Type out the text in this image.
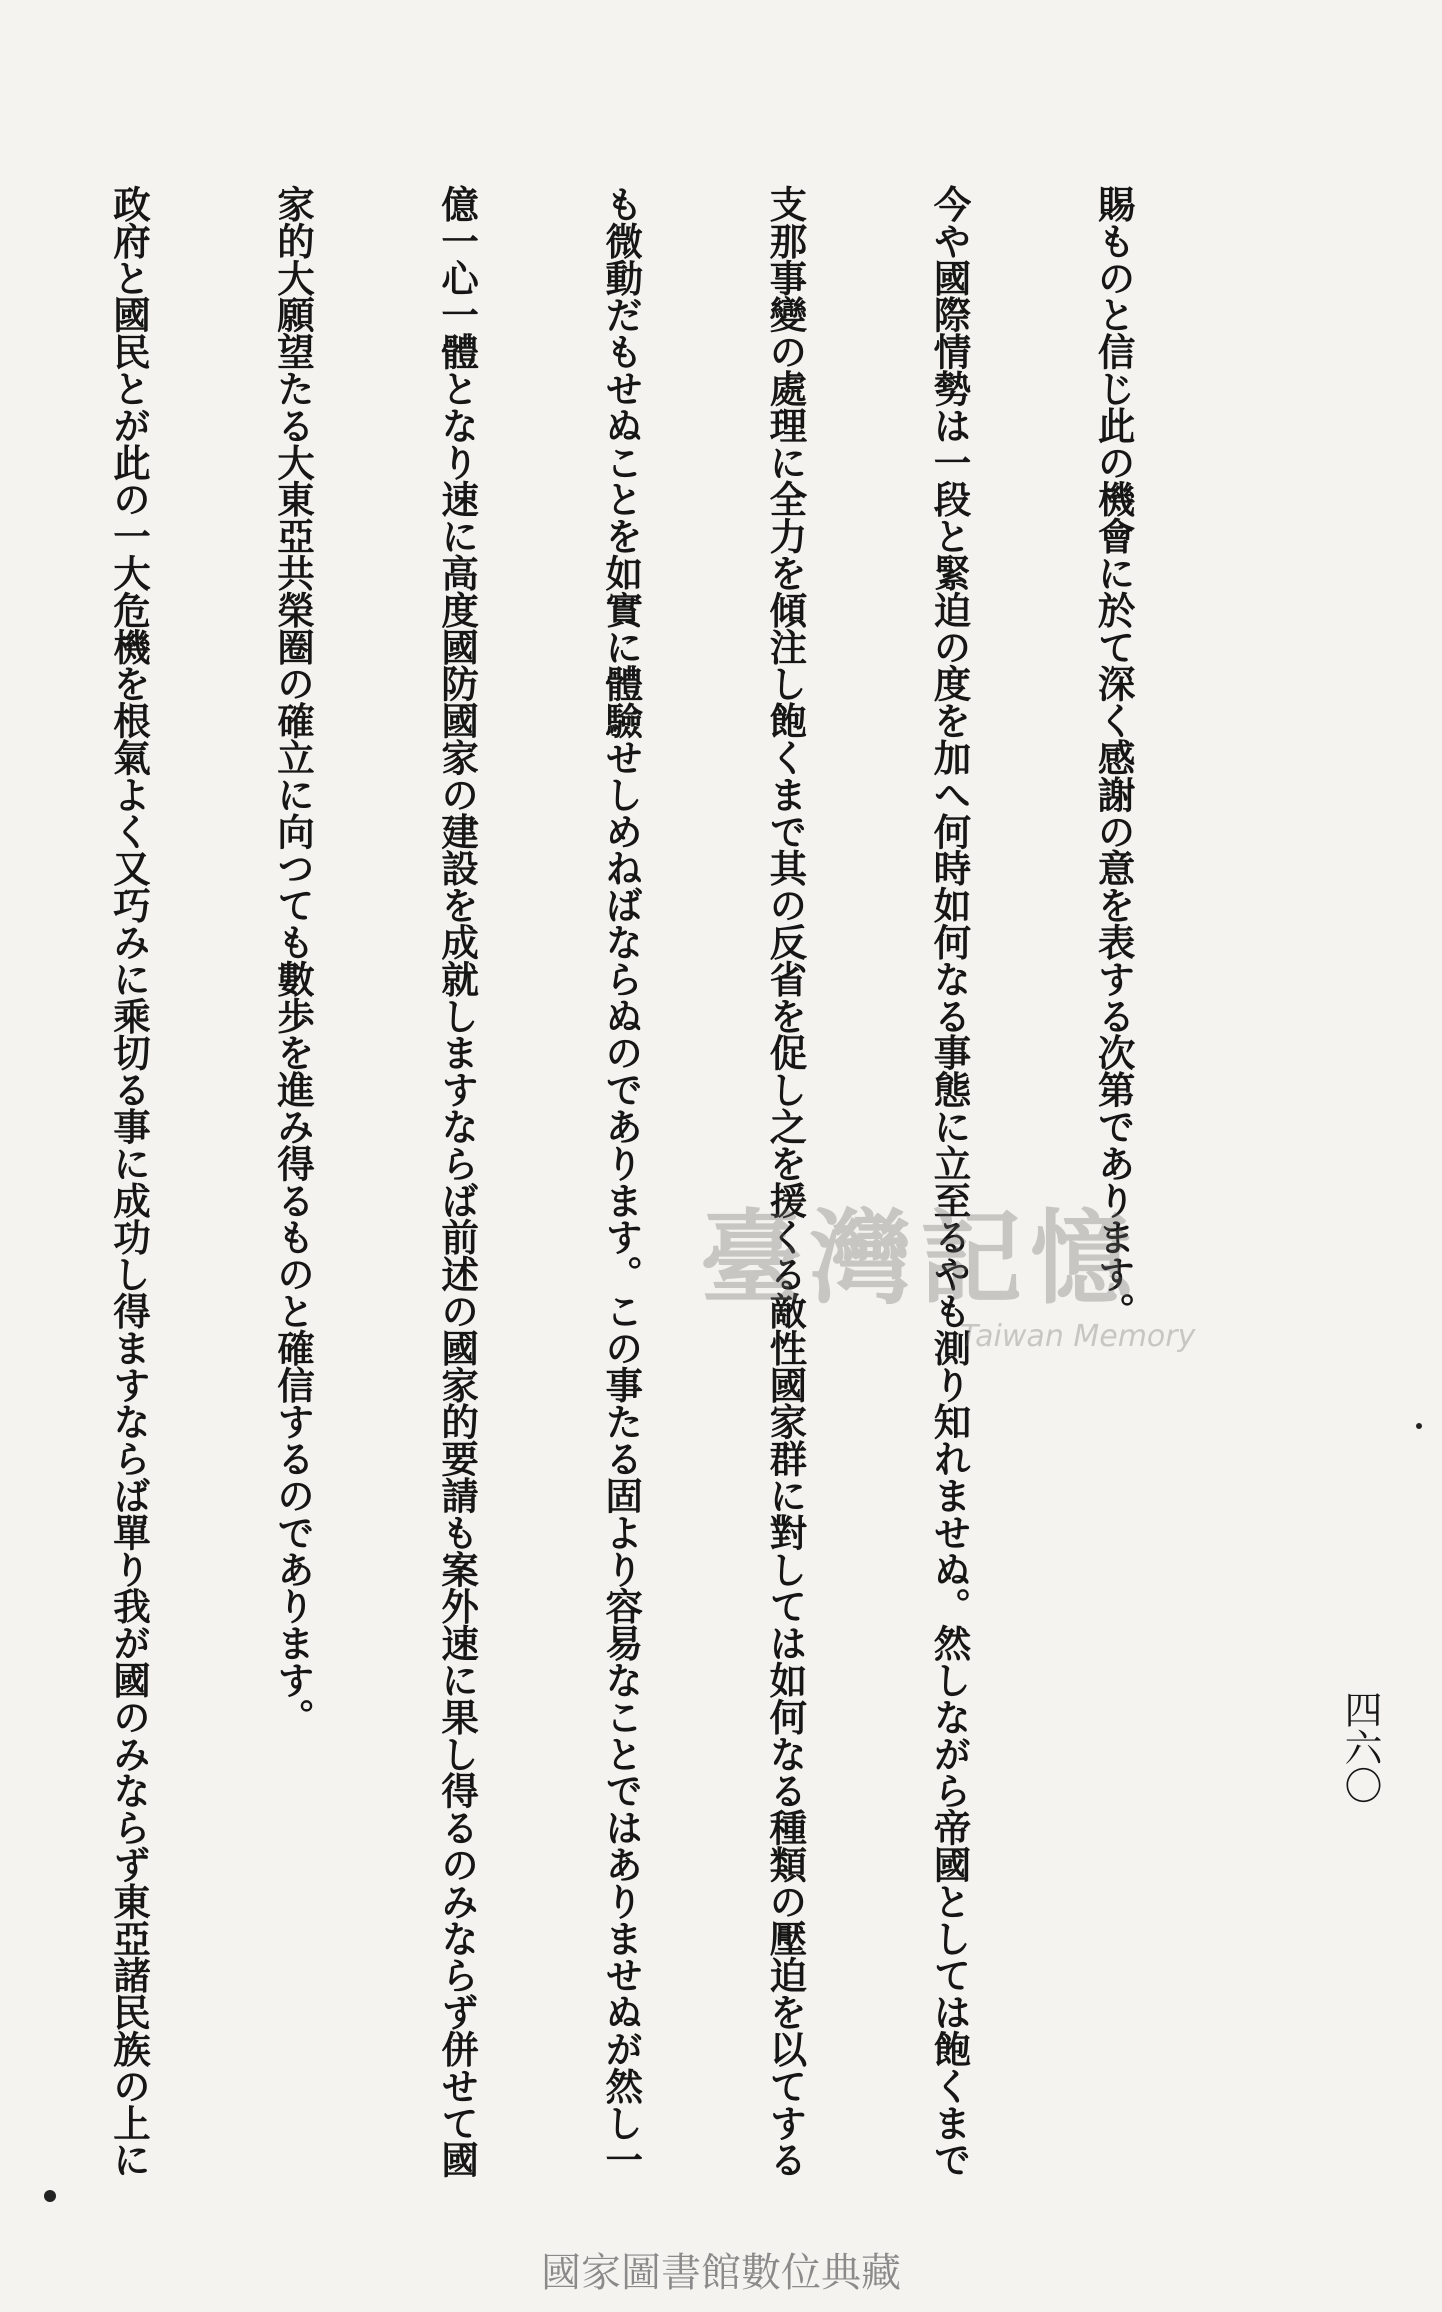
四六〇

賜ものと信じ此の機會に於て深く感謝の意を表する次第であります。

今や國際情勢は一段と緊迫の度を加へ何時如何なる事態に立至るやも測り知れませぬ。然しながら帝國としては飽くまで

支那事變の處理に全力を傾注し飽くまで其の反省を促し之を援くる敵性國家群に對しては如何なる種類の壓迫を以てする

も微動だもせぬことを如實に體驗せしめねばならぬのであります。この事たる固より容易なことではありませぬが然し一

億一心一體となり速に高度國防國家の建設を成就しますならば前述の國家的要請も案外速に果し得るのみならず併せて國

家的大願望たる大東亞共榮圈の確立に向つても數歩を進み得るものと確信するのであります。

政府と國民とが此の一大危機を根氣よく又巧みに乘切る事に成功し得ますならば單り我が國のみならず東亞諸民族の上に

	臺灣記憶
Taiwan Memory
國家圖書館數位典藏
